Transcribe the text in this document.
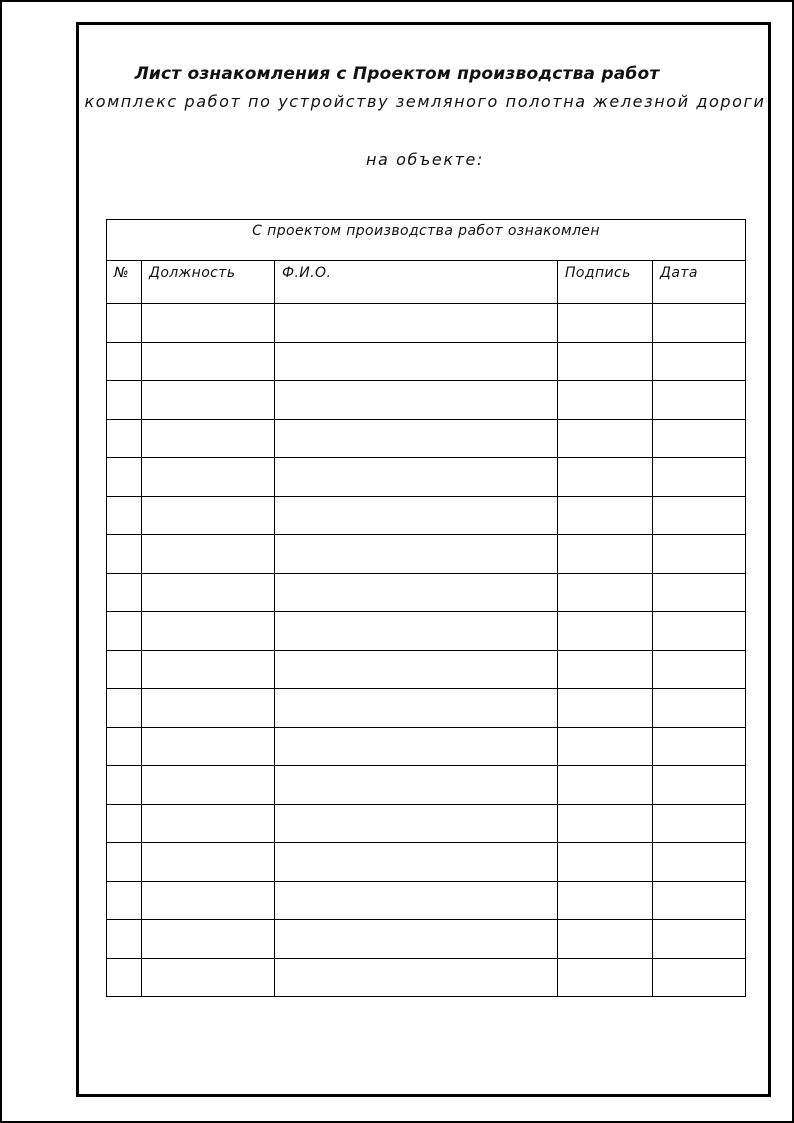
Лист ознакомления с Проектом производства работ
комплекс работ по устройству земляного полотна железной дороги
на объекте:
С проектом производства работ ознакомлен				
№	Должность	Ф.И.О.	Подпись	Дата
